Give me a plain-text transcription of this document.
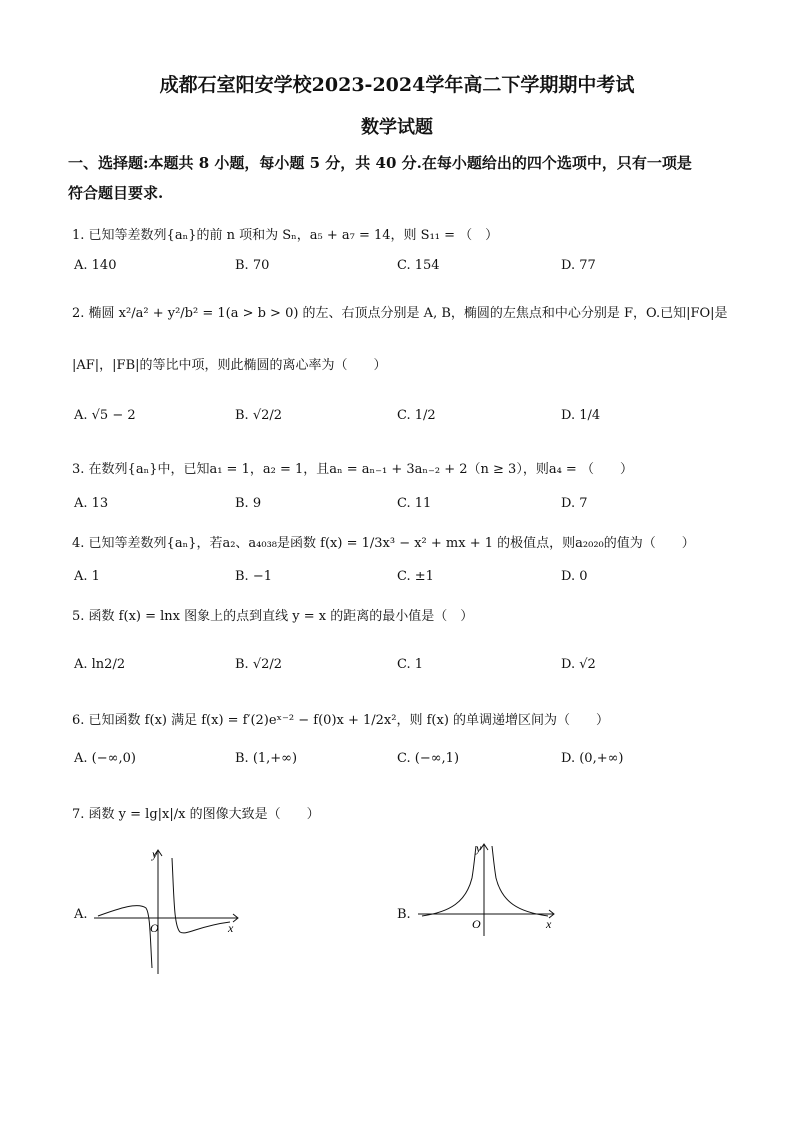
成都石室阳安学校2023-2024学年高二下学期期中考试
数学试题
一、选择题:本题共 8 小题，每小题 5 分，共 40 分.在每小题给出的四个选项中，只有一项是
符合题目要求.
1. 已知等差数列{aₙ}的前 n 项和为 Sₙ，a₅ + a₇ = 14，则 S₁₁ = （　）
A. 140	B. 70	C. 154	D. 77
2. 椭圆 x²/a² + y²/b² = 1(a > b > 0) 的左、右顶点分别是 A, B，椭圆的左焦点和中心分别是 F，O.已知|FO|是
|AF|，|FB|的等比中项，则此椭圆的离心率为（　　）
A. √5 − 2	B. √2/2	C. 1/2	D. 1/4
3. 在数列{aₙ}中，已知a₁ = 1，a₂ = 1，且aₙ = aₙ₋₁ + 3aₙ₋₂ + 2（n ≥ 3），则a₄ = （　　）
A. 13	B. 9	C. 11	D. 7
4. 已知等差数列{aₙ}，若a₂、a₄₀₃₈是函数 f(x) = 1/3x³ − x² + mx + 1 的极值点，则a₂₀₂₀的值为（　　）
A. 1	B. −1	C. ±1	D. 0
5. 函数 f(x) = lnx 图象上的点到直线 y = x 的距离的最小值是（　）
A. ln2/2	B. √2/2	C. 1	D. √2
6. 已知函数 f(x) 满足 f(x) = f′(2)eˣ⁻² − f(0)x + 1/2x²，则 f(x) 的单调递增区间为（　　）
A. (−∞,0)	B. (1,+∞)	C. (−∞,1)	D. (0,+∞)
7. 函数 y = lg|x|/x 的图像大致是（　　）
A.	B.
y
O	x
y
O	x
